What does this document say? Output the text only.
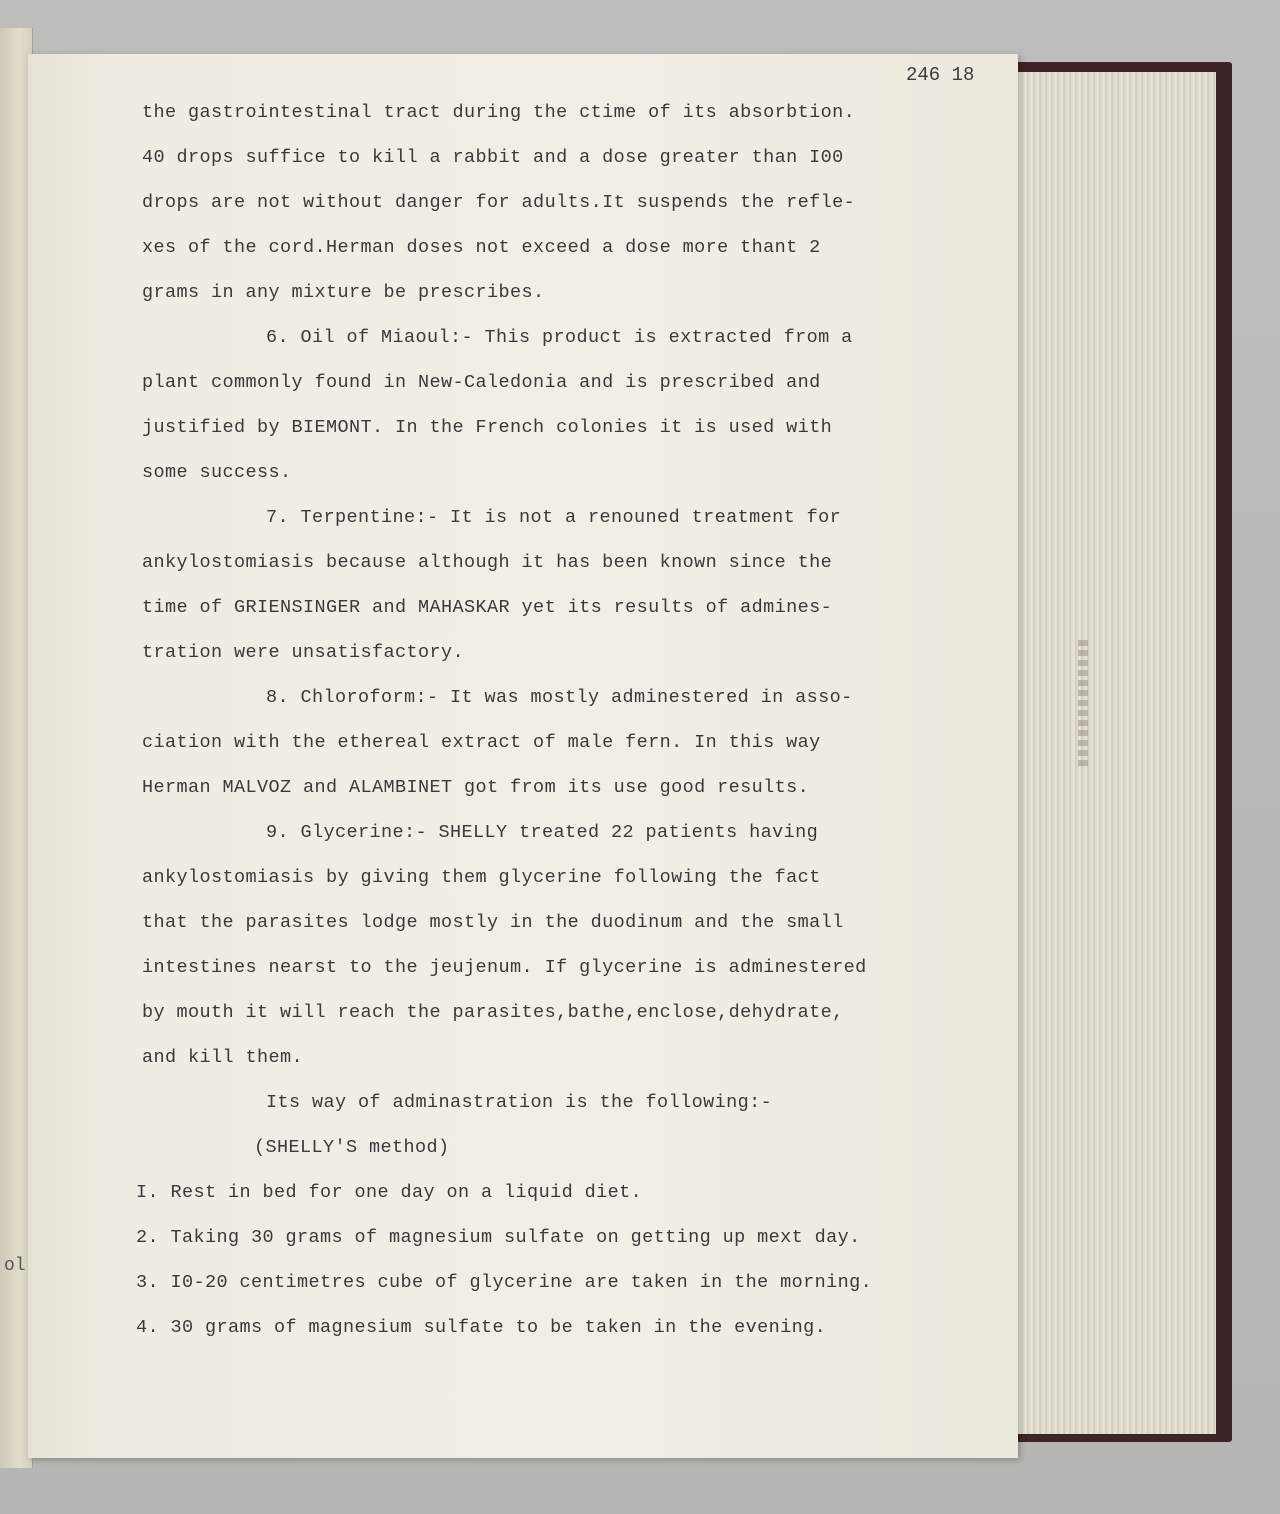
ol
246 18

the gastrointestinal tract during the ctime of its absorbtion.

40 drops suffice to kill a rabbit and a dose greater than I00

drops are not without danger for adults.It suspends the refle-

xes of the cord.Herman doses not exceed a dose more thant 2

grams in any mixture be prescribes.

6. Oil of Miaoul:- This product is extracted from a

plant commonly found in New-Caledonia and is prescribed and

justified by BIEMONT. In the French colonies it is used with

some success.

7. Terpentine:- It is not a renouned treatment for

ankylostomiasis because although it has been known since the

time of GRIENSINGER and MAHASKAR yet its results of admines-

tration were unsatisfactory.

8. Chloroform:- It was mostly adminestered in asso-

ciation with the ethereal extract of male fern. In this way

Herman MALVOZ and ALAMBINET got from its use good results.

9. Glycerine:- SHELLY treated 22 patients having

ankylostomiasis by giving them glycerine following the fact

that the parasites lodge mostly in the duodinum and the small

intestines nearst to the jeujenum. If glycerine is adminestered

by mouth it will reach the parasites,bathe,enclose,dehydrate,

and kill them.

Its way of adminastration is the following:-

(SHELLY'S method)

I. Rest in bed for one day on a liquid diet.

2. Taking 30 grams of magnesium sulfate on getting up mext day.

3. I0-20 centimetres cube of glycerine are taken in the morning.

4. 30 grams of magnesium sulfate to be taken in the evening.
